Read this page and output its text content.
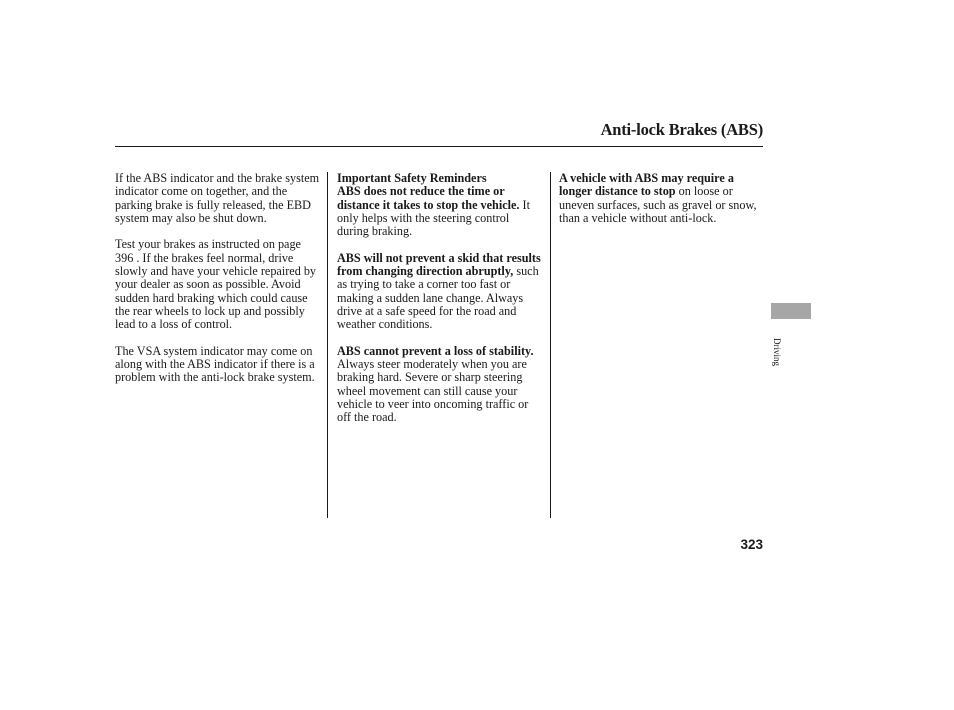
Anti-lock Brakes (ABS)

If the ABS indicator and the brake system indicator come on together, and the parking brake is fully released, the EBD system may also be shut down.

Test your brakes as instructed on page 396 . If the brakes feel normal, drive slowly and have your vehicle repaired by your dealer as soon as possible. Avoid sudden hard braking which could cause the rear wheels to lock up and possibly lead to a loss of control.

The VSA system indicator may come on along with the ABS indicator if there is a problem with the anti-lock brake system.

Important Safety Reminders
ABS does not reduce the time or distance it takes to stop the vehicle. It only helps with the steering control during braking.

ABS will not prevent a skid that results from changing direction abruptly, such as trying to take a corner too fast or making a sudden lane change. Always drive at a safe speed for the road and weather conditions.

ABS cannot prevent a loss of stability. Always steer moderately when you are braking hard. Severe or sharp steering wheel movement can still cause your vehicle to veer into oncoming traffic or off the road.

A vehicle with ABS may require a longer distance to stop on loose or uneven surfaces, such as gravel or snow, than a vehicle without anti-lock.

Driving
323
